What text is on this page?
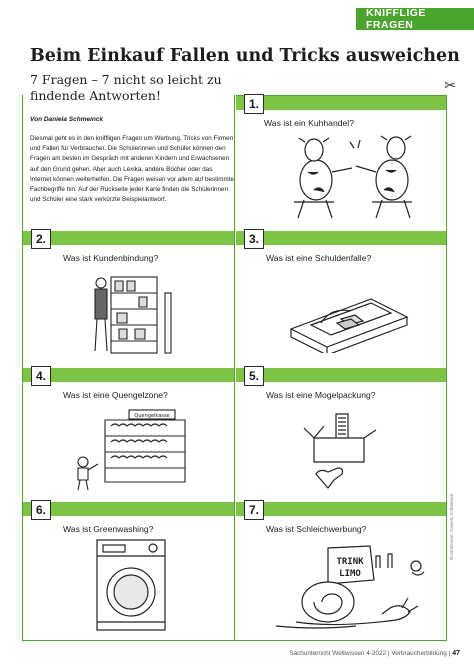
KNIFFLIGE FRAGEN
Beim Einkauf Fallen und Tricks ausweichen
7 Fragen – 7 nicht so leicht zu findende Antworten!
Von Daniela Schmeinck
Diesmal geht es in den kniffligen Fragen um Werbung, Tricks von Firmen und Fallen für Verbraucher. Die Schülerinnen und Schüler können den Fragen am besten im Gespräch mit anderen Kindern und Erwachsenen auf den Grund gehen. Aber auch Lexika, andere Bücher oder das Internet können weiterhelfen. Die Fragen weisen vor allem auf bestimmte Fachbegriffe hin. Auf der Rückseite jeder Karte finden die Schülerinnen und Schüler eine stark verkürzte Beispielantwort.
✂
1.
Was ist ein Kuhhandel?
2.
Was ist Kundenbindung?
3.
Was ist eine Schuldenfalle?
4.
Was ist eine Quengelzone?
Quengelkasse
5.
Was ist eine Mogelpackung?
6.
Was ist Greenwashing?
7.
Was ist Schleichwerbung?
TRINK
LIMO
Illustrationen: Daniela Schmeinck
Sachunterricht Weltwissen 4-2022 | Verbraucherbildung | 47
